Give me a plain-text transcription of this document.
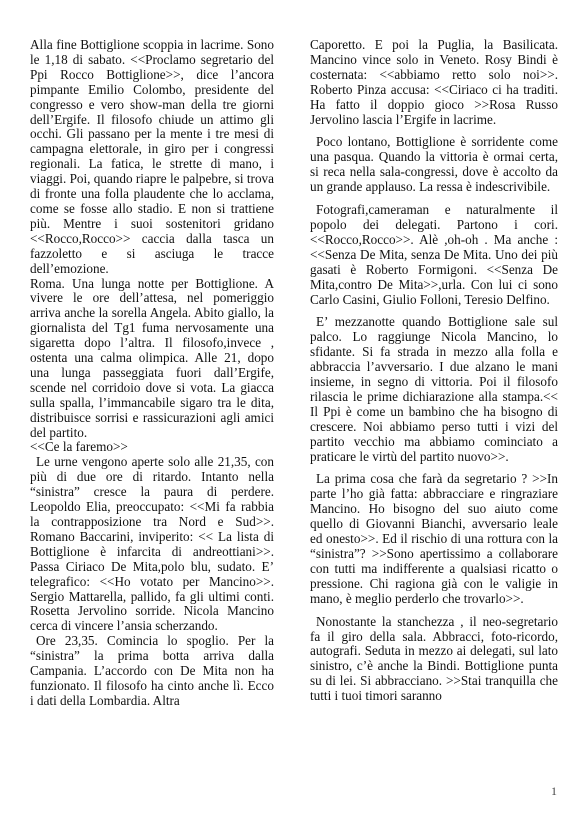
Alla fine Bottiglione scoppia in lacrime. Sono le 1,18 di sabato. <<Proclamo segretario del Ppi Rocco Bottiglione>>, dice l’ancora pimpante Emilio Colombo, presidente del congresso e vero show-man della tre giorni dell’Ergife. Il filosofo chiude un attimo gli occhi. Gli passano per la mente i tre mesi di campagna elettorale, in giro per i congressi regionali. La fatica, le strette di mano, i viaggi. Poi, quando riapre le palpebre, si trova di fronte una folla plaudente che lo acclama, come se fosse allo stadio. E non si trattiene più. Mentre i suoi sostenitori gridano <<Rocco,Rocco>> caccia dalla tasca un fazzoletto e si asciuga le tracce dell’emozione.

Roma. Una lunga notte per Bottiglione. A vivere le ore dell’attesa, nel pomeriggio arriva anche la sorella Angela. Abito giallo, la giornalista del Tg1 fuma nervosamente una sigaretta dopo l’altra. Il filosofo,invece , ostenta una calma olimpica. Alle 21, dopo una lunga passeggiata fuori dall’Ergife, scende nel corridoio dove si vota. La giacca sulla spalla, l’immancabile sigaro tra le dita, distribuisce sorrisi e rassicurazioni agli amici del partito.

<<Ce la faremo>>

Le urne vengono aperte solo alle 21,35, con più di due ore di ritardo. Intanto nella “sinistra” cresce la paura di perdere. Leopoldo Elia, preoccupato: <<Mi fa rabbia la contrapposizione tra Nord e Sud>>. Romano Baccarini, inviperito: << La lista di Bottiglione è infarcita di andreottiani>>. Passa Ciriaco De Mita,polo blu, sudato. E’ telegrafico: <<Ho votato per Mancino>>. Sergio Mattarella, pallido, fa gli ultimi conti. Rosetta Jervolino sorride. Nicola Mancino cerca di vincere l’ansia scherzando.

Ore 23,35. Comincia lo spoglio. Per la “sinistra” la prima botta arriva dalla Campania. L’accordo con De Mita non ha funzionato. Il filosofo ha cinto anche lì. Ecco i dati della Lombardia. Altra

Caporetto. E poi la Puglia, la Basilicata. Mancino vince solo in Veneto. Rosy Bindi è costernata: <<abbiamo retto solo noi>>. Roberto Pinza accusa: <<Ciriaco ci ha traditi. Ha fatto il doppio gioco >>Rosa Russo Jervolino lascia l’Ergife in lacrime.

Poco lontano, Bottiglione è sorridente come una pasqua. Quando la vittoria è ormai certa, si reca nella sala-congressi, dove è accolto da un grande applauso. La ressa è indescrivibile.

Fotografi,cameraman e naturalmente il popolo dei delegati. Partono i cori. <<Rocco,Rocco>>. Alè ,oh-oh . Ma anche : <<Senza De Mita, senza De Mita. Uno dei più gasati è Roberto Formigoni. <<Senza De Mita,contro De Mita>>,urla. Con lui ci sono Carlo Casini, Giulio Folloni, Teresio Delfino.

E’ mezzanotte quando Bottiglione sale sul palco. Lo raggiunge Nicola Mancino, lo sfidante. Si fa strada in mezzo alla folla e abbraccia l’avversario. I due alzano le mani insieme, in segno di vittoria. Poi il filosofo rilascia le prime dichiarazione alla stampa.<< Il Ppi è come un bambino che ha bisogno di crescere. Noi abbiamo perso tutti i vizi del partito vecchio ma abbiamo cominciato a praticare le virtù del partito nuovo>>.

La prima cosa che farà da segretario ? >>In parte l’ho già fatta: abbracciare e ringraziare Mancino. Ho bisogno del suo aiuto come quello di Giovanni Bianchi, avversario leale ed onesto>>. Ed il rischio di una rottura con la “sinistra”? >>Sono apertissimo a collaborare con tutti ma indifferente a qualsiasi ricatto o pressione. Chi ragiona già con le valigie in mano, è meglio perderlo che trovarlo>>.

Nonostante la stanchezza , il neo-segretario fa il giro della sala. Abbracci, foto-ricordo, autografi. Seduta in mezzo ai delegati, sul lato sinistro, c’è anche la Bindi. Bottiglione punta su di lei. Si abbracciano. >>Stai tranquilla che tutti i tuoi timori saranno

1
